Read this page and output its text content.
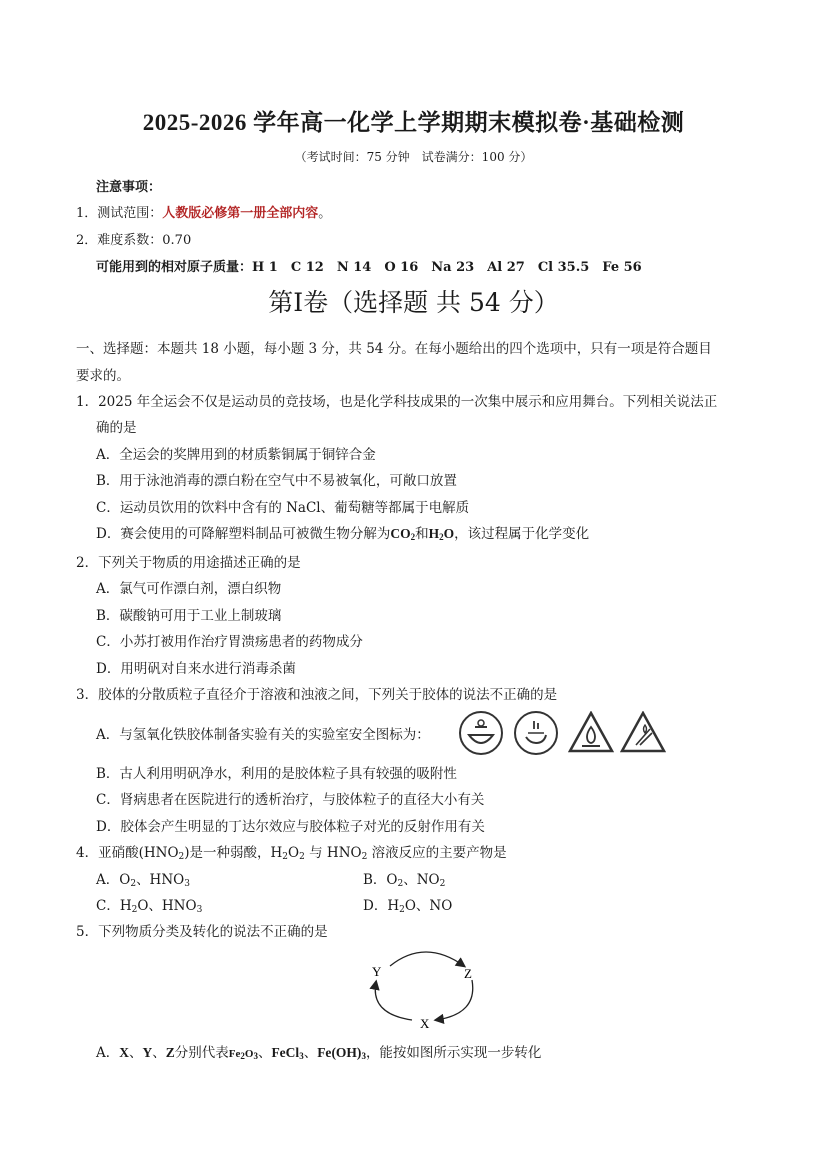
2025-2026 学年高一化学上学期期末模拟卷·基础检测
（考试时间：75 分钟　试卷满分：100 分）
注意事项：
1．测试范围：人教版必修第一册全部内容。
2．难度系数：0.70
可能用到的相对原子质量：H 1　C 12　N 14　O 16　Na 23　Al 27　Cl 35.5　Fe 56
第I卷（选择题 共 54 分）
一、选择题：本题共 18 小题，每小题 3 分，共 54 分。在每小题给出的四个选项中，只有一项是符合题目
要求的。
1．2025 年全运会不仅是运动员的竞技场，也是化学科技成果的一次集中展示和应用舞台。下列相关说法正
确的是
A．全运会的奖牌用到的材质紫铜属于铜锌合金
B．用于泳池消毒的漂白粉在空气中不易被氧化，可敞口放置
C．运动员饮用的饮料中含有的 NaCl、葡萄糖等都属于电解质
D．赛会使用的可降解塑料制品可被微生物分解为$CO_2$和$H_2O$，该过程属于化学变化
2．下列关于物质的用途描述正确的是
A．氯气可作漂白剂，漂白织物
B．碳酸钠可用于工业上制玻璃
C．小苏打被用作治疗胃溃疡患者的药物成分
D．用明矾对自来水进行消毒杀菌
3．胶体的分散质粒子直径介于溶液和浊液之间，下列关于胶体的说法不正确的是
A．与氢氧化铁胶体制备实验有关的实验室安全图标为：
B．古人利用明矾净水，利用的是胶体粒子具有较强的吸附性
C．肾病患者在医院进行的透析治疗，与胶体粒子的直径大小有关
D．胶体会产生明显的丁达尔效应与胶体粒子对光的反射作用有关
4．亚硝酸$(HNO_2)$是一种弱酸，$H_2O_2$ 与 $HNO_2$ 溶液反应的主要产物是
A．$O_2$、$HNO_3$	B．$O_2$、$NO_2$
C．$H_2O$、$HNO_3$	D．$H_2O$、NO
5．下列物质分类及转化的说法不正确的是
Y	Z
X
A．X、Y、Z分别代表$Fe_2O_3$、FeCl$_3$、$Fe(OH)_3$，能按如图所示实现一步转化
